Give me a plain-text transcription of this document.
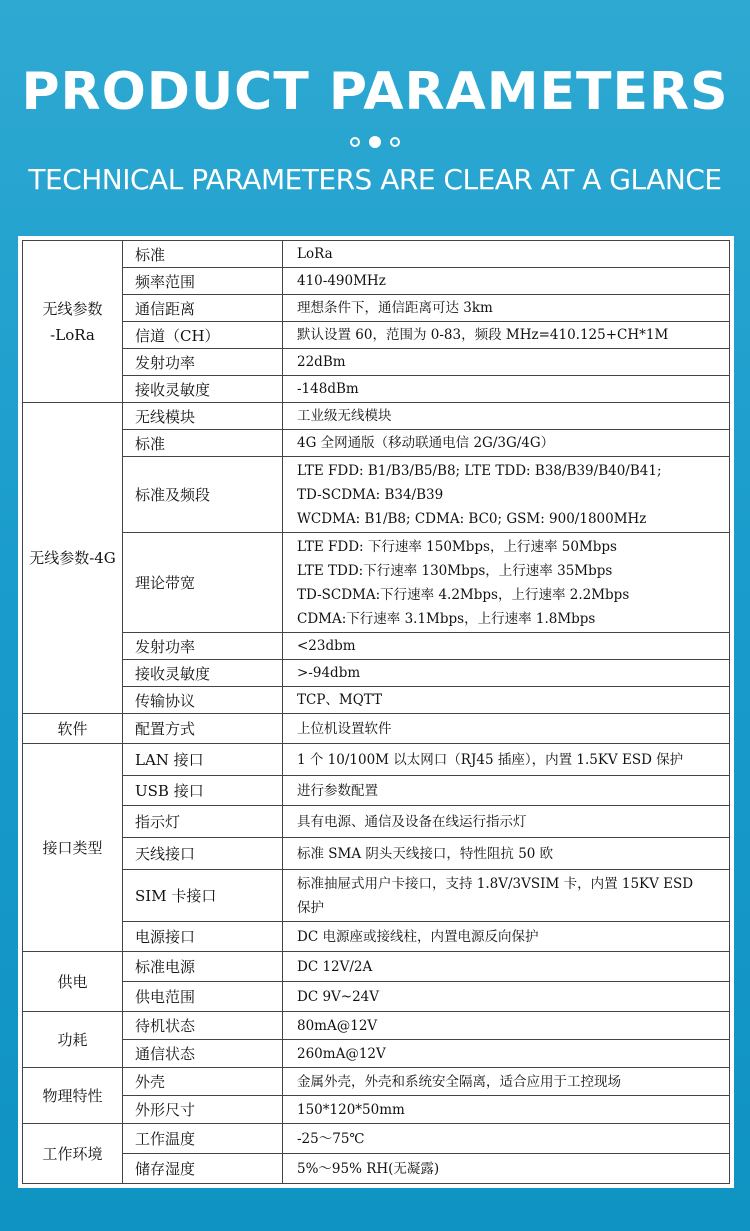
PRODUCT PARAMETERS

TECHNICAL PARAMETERS ARE CLEAR AT A GLANCE
无线参数
-LoRa	标准	LoRa

	频率范围	410-490MHz

	通信距离	理想条件下，通信距离可达 3km

	信道（CH）	默认设置 60，范围为 0-83，频段 MHz=410.125+CH*1M

	发射功率	22dBm

	接收灵敏度	-148dBm

无线参数-4G	无线模块	工业级无线模块

	标准	4G 全网通版（移动联通电信 2G/3G/4G）

	标准及频段	LTE FDD: B1/B3/B5/B8; LTE TDD: B38/B39/B40/B41;
TD-SCDMA: B34/B39
WCDMA: B1/B8; CDMA: BC0; GSM: 900/1800MHz

	理论带宽	LTE FDD: 下行速率 150Mbps，上行速率 50Mbps
LTE TDD:下行速率 130Mbps，上行速率 35Mbps
TD-SCDMA:下行速率 4.2Mbps，上行速率 2.2Mbps
CDMA:下行速率 3.1Mbps，上行速率 1.8Mbps

	发射功率	<23dbm

	接收灵敏度	>-94dbm

	传输协议	TCP、MQTT

软件	配置方式	上位机设置软件

接口类型	LAN 接口	1 个 10/100M 以太网口（RJ45 插座），内置 1.5KV ESD 保护

	USB 接口	进行参数配置

	指示灯	具有电源、通信及设备在线运行指示灯

	天线接口	标准 SMA 阴头天线接口，特性阻抗 50 欧

	SIM 卡接口	标准抽屉式用户卡接口，支持 1.8V/3VSIM 卡，内置 15KV ESD
保护

	电源接口	DC 电源座或接线柱，内置电源反向保护

供电	标准电源	DC 12V/2A

	供电范围	DC 9V~24V

功耗	待机状态	80mA@12V

	通信状态	260mA@12V

物理特性	外壳	金属外壳，外壳和系统安全隔离，适合应用于工控现场

	外形尺寸	150*120*50mm

工作环境	工作温度	-25～75℃

	储存湿度	5%～95% RH(无凝露)
